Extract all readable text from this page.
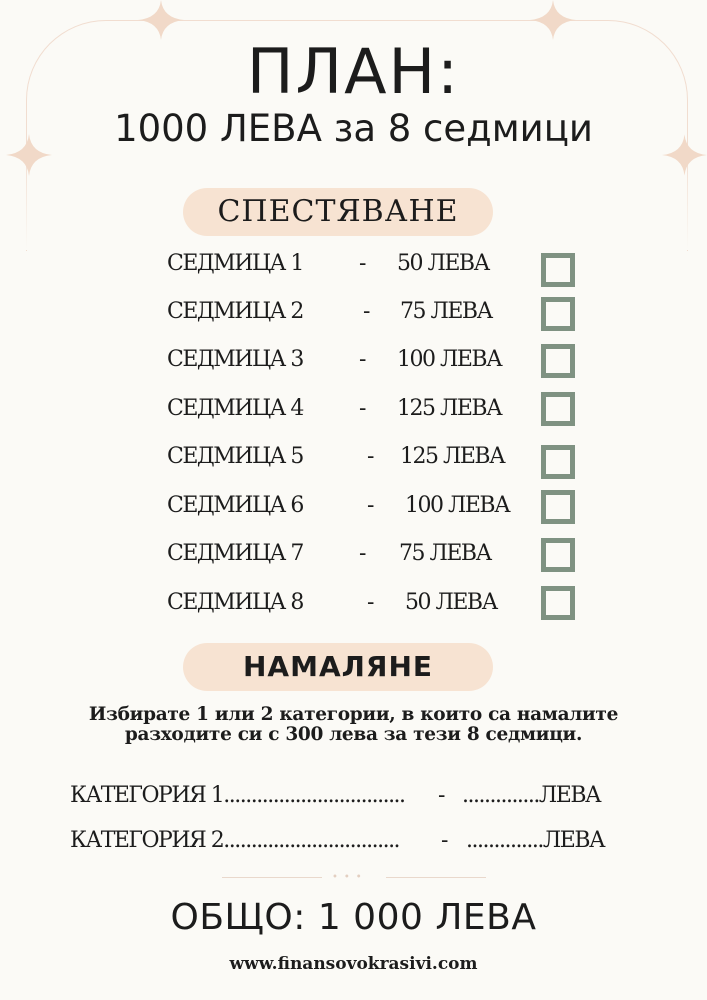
ПЛАН:
1000 ЛЕВА за 8 седмици
СПЕСТЯВАНЕ
СЕДМИЦА 1	- 50 ЛЕВА
СЕДМИЦА 2	- 75 ЛЕВА
СЕДМИЦА 3	- 100 ЛЕВА
СЕДМИЦА 4	- 125 ЛЕВА
СЕДМИЦА 5	- 125 ЛЕВА
СЕДМИЦА 6	- 100 ЛЕВА
СЕДМИЦА 7	- 75 ЛЕВА
СЕДМИЦА 8	- 50 ЛЕВА
НАМАЛЯНЕ
Избирате 1 или 2 категории, в които са намалите
разходите си с 300 лева за тези 8 седмици.
КАТЕГОРИЯ 1................................. - ..............ЛЕВА
КАТЕГОРИЯ 2................................ - ..............ЛЕВА
•••
ОБЩО: 1 000 ЛЕВА
www.finansovokrasivi.com
